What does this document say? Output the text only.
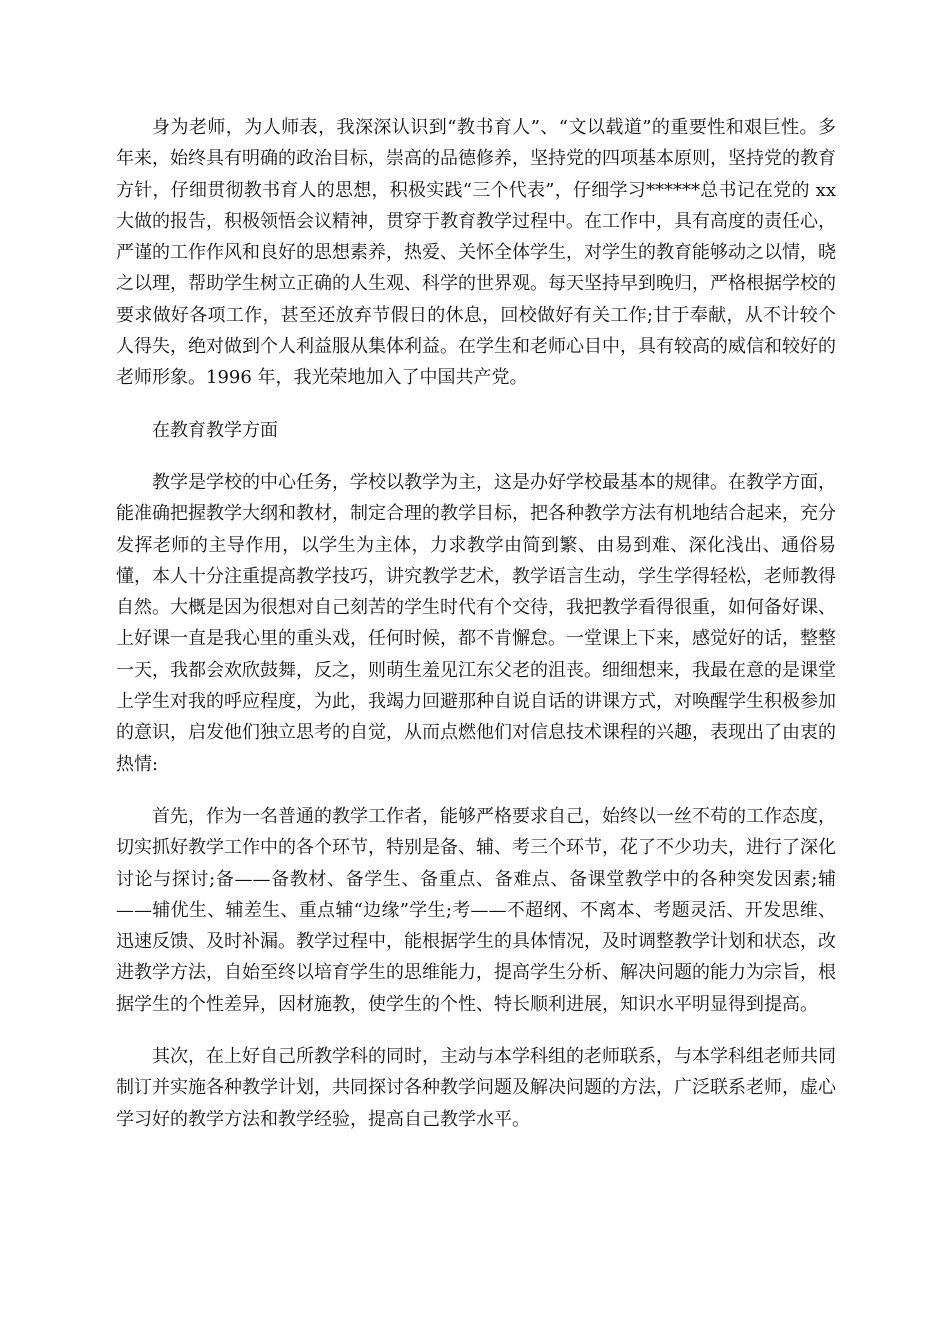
身为老师，为人师表，我深深认识到“教书育人”、“文以载道”的重要性和艰巨性。多年来，始终具有明确的政治目标，崇高的品德修养，坚持党的四项基本原则，坚持党的教育方针，仔细贯彻教书育人的思想，积极实践“三个代表”，仔细学习******总书记在党的 xx 大做的报告，积极领悟会议精神，贯穿于教育教学过程中。在工作中，具有高度的责任心，严谨的工作作风和良好的思想素养，热爱、关怀全体学生，对学生的教育能够动之以情，晓之以理，帮助学生树立正确的人生观、科学的世界观。每天坚持早到晚归，严格根据学校的要求做好各项工作，甚至还放弃节假日的休息，回校做好有关工作;甘于奉献，从不计较个人得失，绝对做到个人利益服从集体利益。在学生和老师心目中，具有较高的威信和较好的老师形象。1996 年，我光荣地加入了中国共产党。

在教育教学方面

教学是学校的中心任务，学校以教学为主，这是办好学校最基本的规律。在教学方面，能准确把握教学大纲和教材，制定合理的教学目标，把各种教学方法有机地结合起来，充分发挥老师的主导作用，以学生为主体，力求教学由简到繁、由易到难、深化浅出、通俗易懂，本人十分注重提高教学技巧，讲究教学艺术，教学语言生动，学生学得轻松，老师教得自然。大概是因为很想对自己刻苦的学生时代有个交待，我把教学看得很重，如何备好课、上好课一直是我心里的重头戏，任何时候，都不肯懈怠。一堂课上下来，感觉好的话，整整一天，我都会欢欣鼓舞，反之，则萌生羞见江东父老的沮丧。细细想来，我最在意的是课堂上学生对我的呼应程度，为此，我竭力回避那种自说自话的讲课方式，对唤醒学生积极参加的意识，启发他们独立思考的自觉，从而点燃他们对信息技术课程的兴趣，表现出了由衷的热情:

首先，作为一名普通的教学工作者，能够严格要求自己，始终以一丝不苟的工作态度，切实抓好教学工作中的各个环节，特别是备、辅、考三个环节，花了不少功夫，进行了深化讨论与探讨;备——备教材、备学生、备重点、备难点、备课堂教学中的各种突发因素;辅——辅优生、辅差生、重点辅“边缘”学生;考——不超纲、不离本、考题灵活、开发思维、迅速反馈、及时补漏。教学过程中，能根据学生的具体情况，及时调整教学计划和状态，改进教学方法，自始至终以培育学生的思维能力，提高学生分析、解决问题的能力为宗旨，根据学生的个性差异，因材施教，使学生的个性、特长顺利进展，知识水平明显得到提高。

其次，在上好自己所教学科的同时，主动与本学科组的老师联系，与本学科组老师共同制订并实施各种教学计划，共同探讨各种教学问题及解决问题的方法，广泛联系老师，虚心学习好的教学方法和教学经验，提高自己教学水平。
